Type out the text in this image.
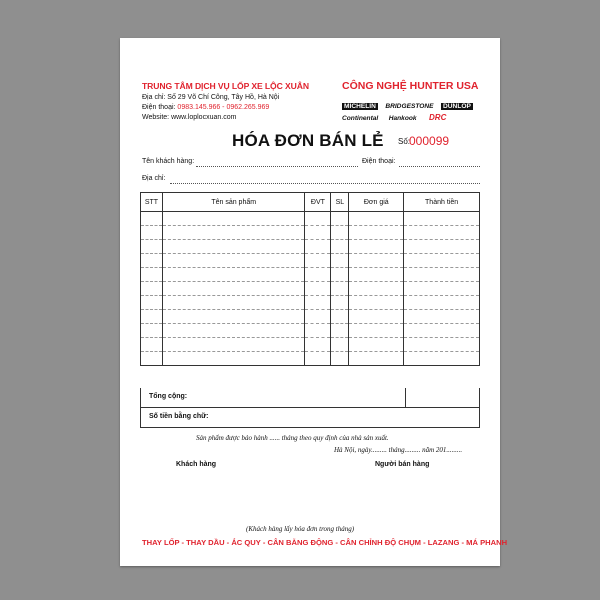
TRUNG TÂM DỊCH VỤ LỐP XE LỘC XUÂN
Địa chỉ: Số 29 Võ Chí Công, Tây Hồ, Hà Nội
Điện thoại: 0983.145.966 - 0962.265.969
Website: www.loplocxuan.com
CÔNG NGHỆ HUNTER USA
MICHELIN BRIDGESTONE DUNLOP
Continental Hankook DRC
HÓA ĐƠN BÁN LẺ Số:
000099
Tên khách hàng:	Điện thoại:
Địa chỉ:
STT	Tên sản phẩm	ĐVT	SL	Đơn giá	Thành tiền

Tổng cộng:
Số tiền bằng chữ:
Sản phẩm được bảo hành ...... tháng theo quy định của nhà sản xuất.
Hà Nội, ngày......... tháng......... năm 201.........
Khách hàng	Người bán hàng
(Khách hàng lấy hóa đơn trong tháng)
THAY LỐP - THAY DẦU - ẮC QUY - CÂN BẰNG ĐỘNG - CÂN CHỈNH ĐỘ CHỤM - LAZANG - MÁ PHANH
